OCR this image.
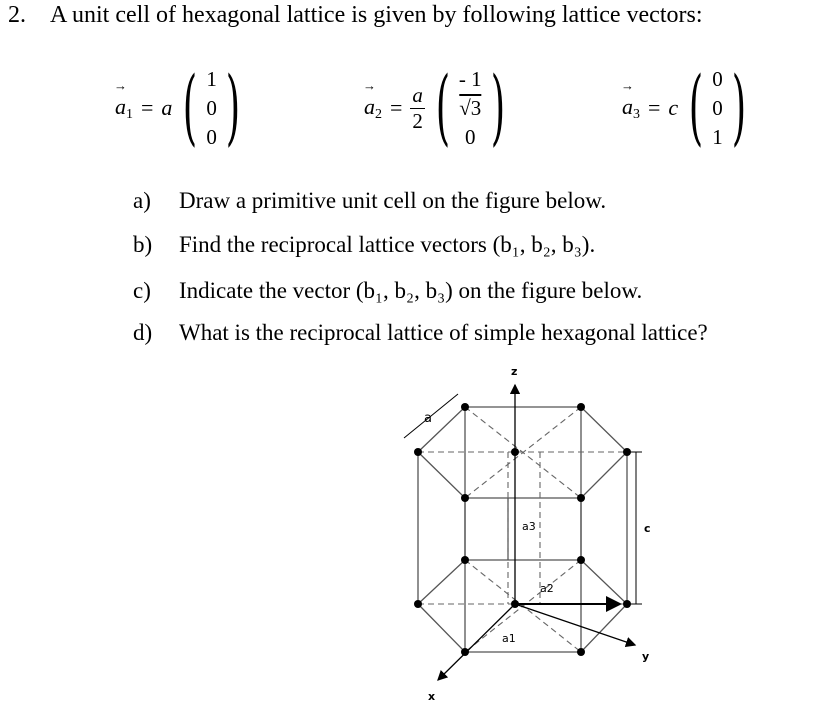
2. A unit cell of hexagonal lattice is given by following lattice vectors:
→ $a_1 = a$ ( 1
0
0 )	→ $a_2 = \frac{a}{2}$ ( - 1
√3
0 )	→ $a_3 = c$ ( 0
0
1 )
a) Draw a primitive unit cell on the figure below.
b) Find the reciprocal lattice vectors (b₁, b₂, b₃).
c) Indicate the vector (b₁, b₂, b₃) on the figure below.
d) What is the reciprocal lattice of simple hexagonal lattice?
z
x
y
a
c
a3
a2
a1
